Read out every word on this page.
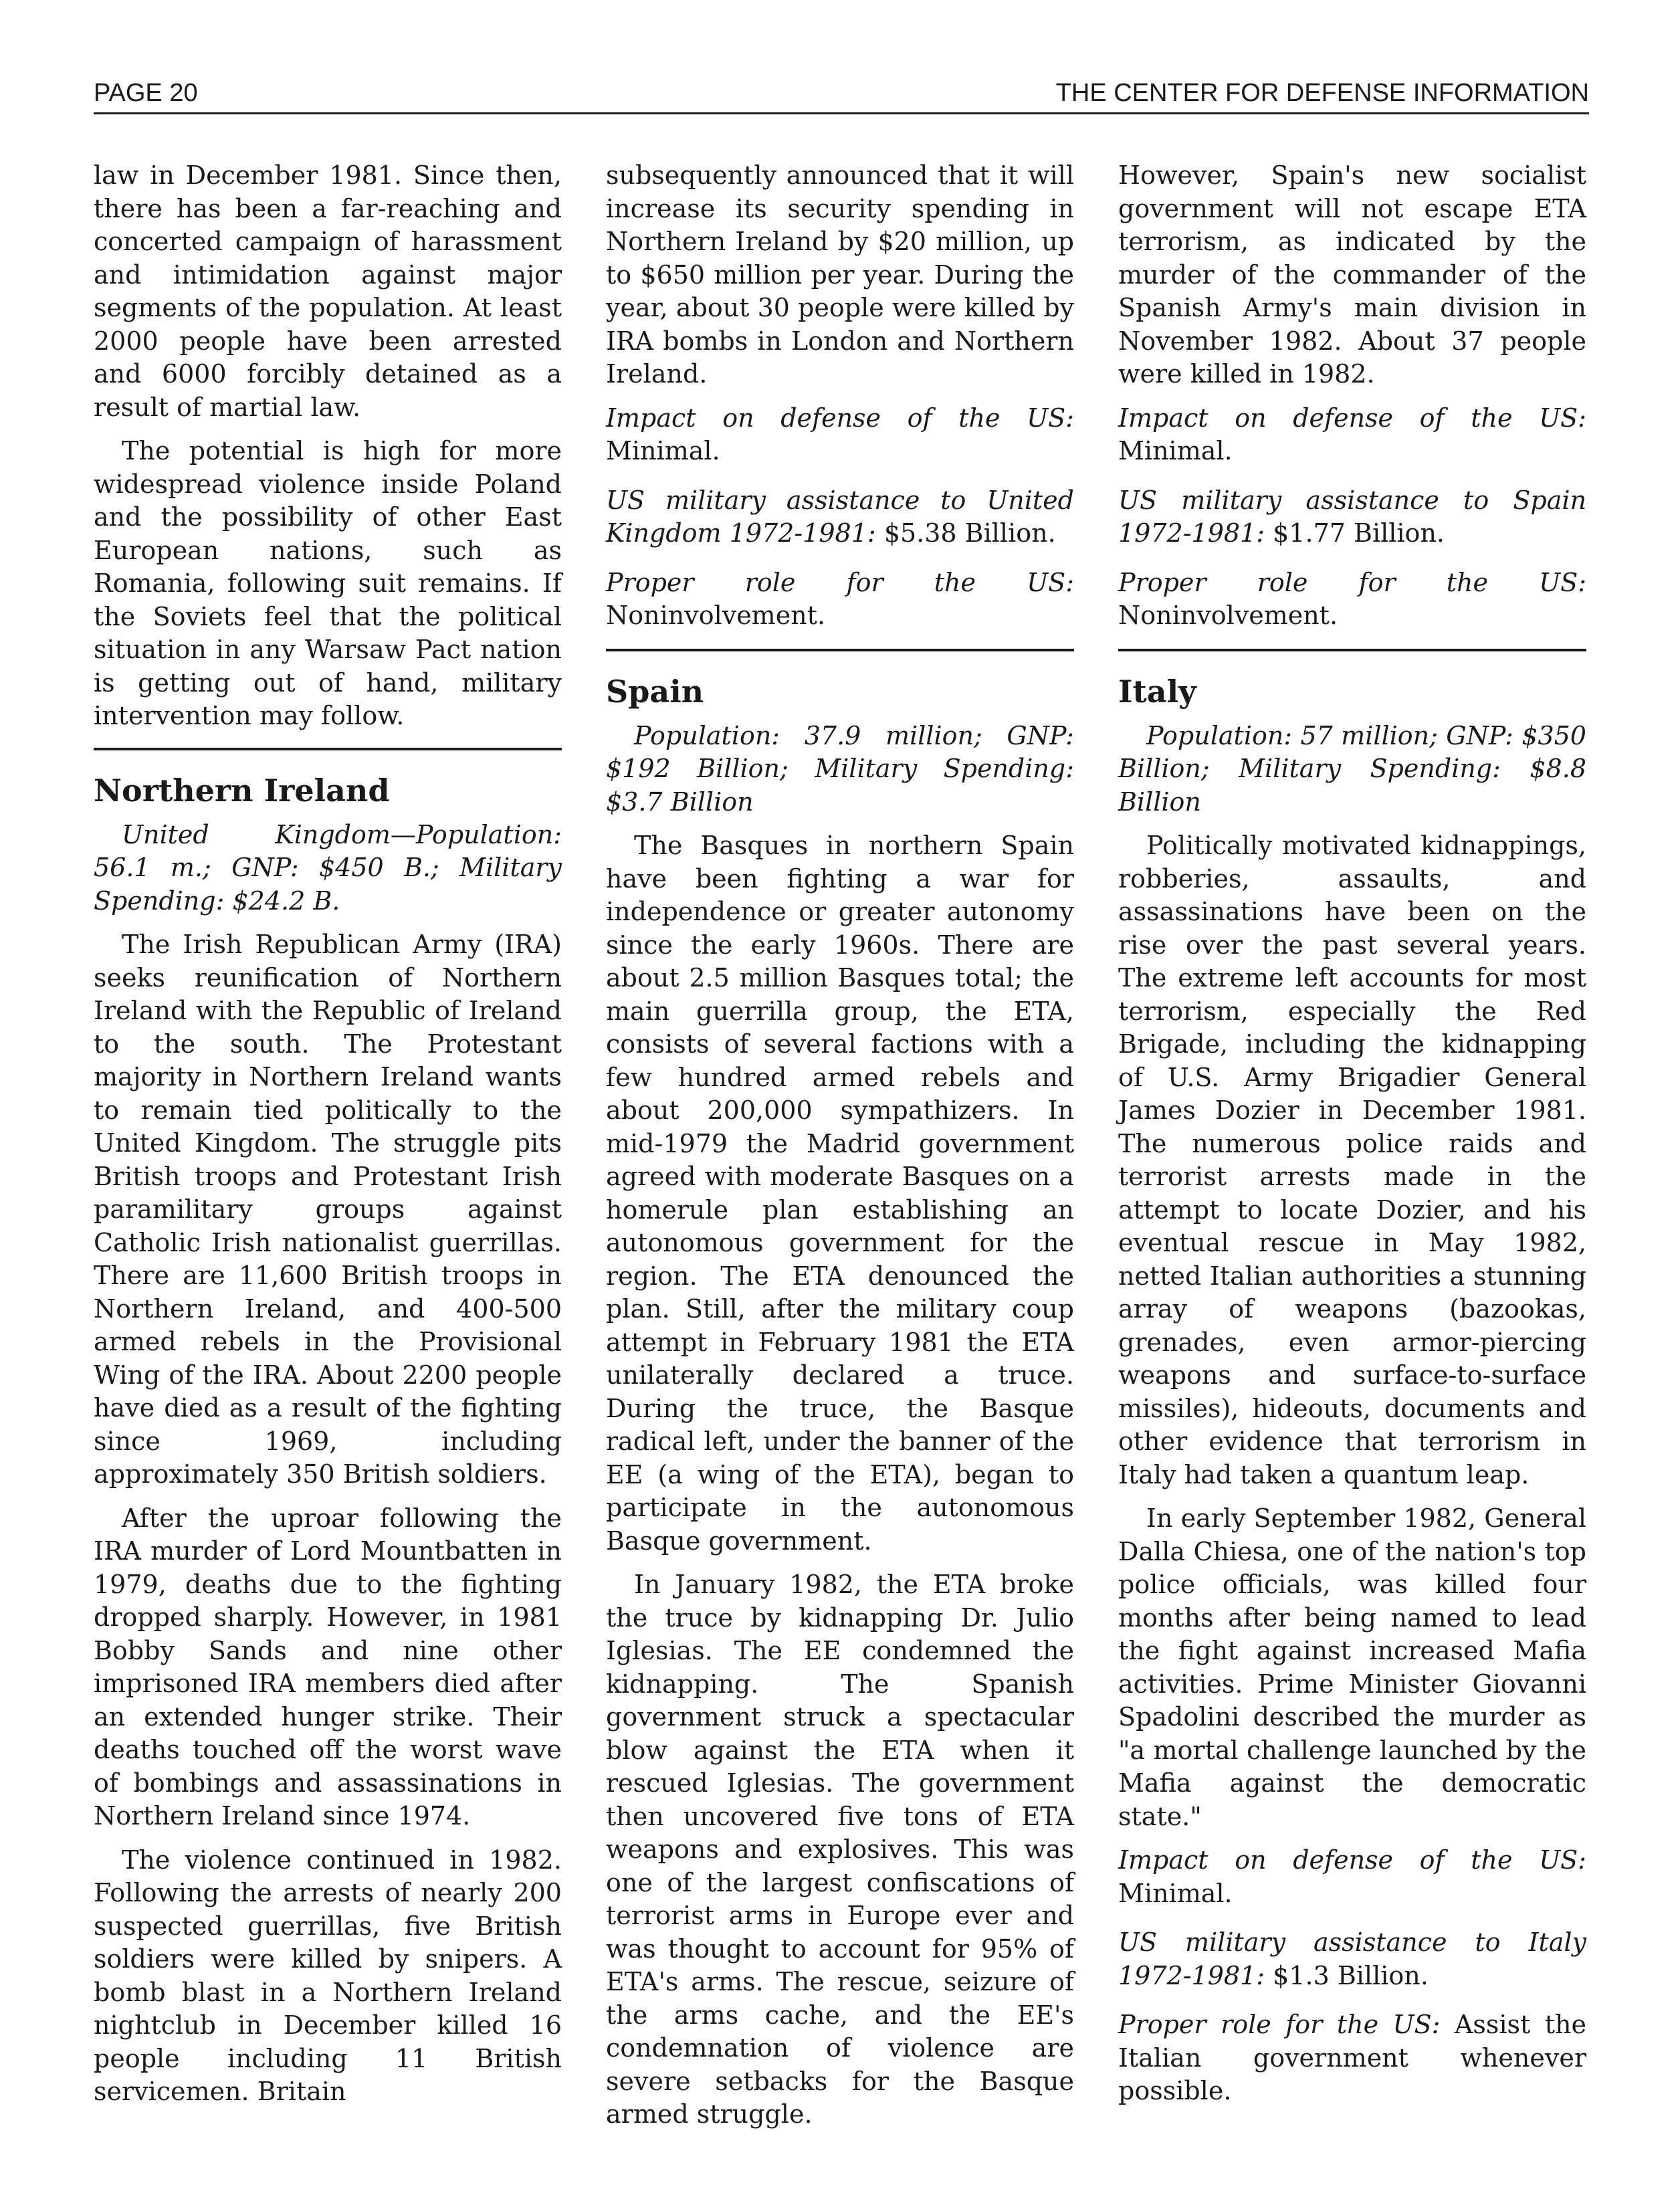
PAGE 20	THE CENTER FOR DEFENSE INFORMATION

law in December 1981. Since then, there has been a far-reaching and concerted campaign of harassment and intimidation against major segments of the population. At least 2000 people have been arrested and 6000 forcibly detained as a result of martial law.

The potential is high for more widespread violence inside Poland and the possibility of other East European nations, such as Romania, following suit remains. If the Soviets feel that the political situation in any Warsaw Pact nation is getting out of hand, military intervention may follow.

Northern Ireland

United Kingdom—Population: 56.1 m.; GNP: $450 B.; Military Spending: $24.2 B.

The Irish Republican Army (IRA) seeks reunification of Northern Ireland with the Republic of Ireland to the south. The Protestant majority in Northern Ireland wants to remain tied politically to the United Kingdom. The struggle pits British troops and Protestant Irish paramilitary groups against Catholic Irish nationalist guerrillas. There are 11,600 British troops in Northern Ireland, and 400-500 armed rebels in the Provisional Wing of the IRA. About 2200 people have died as a result of the fighting since 1969, including approximately 350 British soldiers.

After the uproar following the IRA murder of Lord Mountbatten in 1979, deaths due to the fighting dropped sharply. However, in 1981 Bobby Sands and nine other imprisoned IRA members died after an extended hunger strike. Their deaths touched off the worst wave of bombings and assassinations in Northern Ireland since 1974.

The violence continued in 1982. Following the arrests of nearly 200 suspected guerrillas, five British soldiers were killed by snipers. A bomb blast in a Northern Ireland nightclub in December killed 16 people including 11 British servicemen. Britain

subsequently announced that it will increase its security spending in Northern Ireland by $20 million, up to $650 million per year. During the year, about 30 people were killed by IRA bombs in London and Northern Ireland.

Impact on defense of the US: Minimal.

US military assistance to United Kingdom 1972-1981: $5.38 Billion.

Proper role for the US: Noninvolvement.

Spain

Population: 37.9 million; GNP: $192 Billion; Military Spending: $3.7 Billion

The Basques in northern Spain have been fighting a war for independence or greater autonomy since the early 1960s. There are about 2.5 million Basques total; the main guerrilla group, the ETA, consists of several factions with a few hundred armed rebels and about 200,000 sympathizers. In mid-1979 the Madrid government agreed with moderate Basques on a homerule plan establishing an autonomous government for the region. The ETA denounced the plan. Still, after the military coup attempt in February 1981 the ETA unilaterally declared a truce. During the truce, the Basque radical left, under the banner of the EE (a wing of the ETA), began to participate in the autonomous Basque government.

In January 1982, the ETA broke the truce by kidnapping Dr. Julio Iglesias. The EE condemned the kidnapping. The Spanish government struck a spectacular blow against the ETA when it rescued Iglesias. The government then uncovered five tons of ETA weapons and explosives. This was one of the largest confiscations of terrorist arms in Europe ever and was thought to account for 95% of ETA's arms. The rescue, seizure of the arms cache, and the EE's condemnation of violence are severe setbacks for the Basque armed struggle.

However, Spain's new socialist government will not escape ETA terrorism, as indicated by the murder of the commander of the Spanish Army's main division in November 1982. About 37 people were killed in 1982.

Impact on defense of the US: Minimal.

US military assistance to Spain 1972-1981: $1.77 Billion.

Proper role for the US: Noninvolvement.

Italy

Population: 57 million; GNP: $350 Billion; Military Spending: $8.8 Billion

Politically motivated kidnappings, robberies, assaults, and assassinations have been on the rise over the past several years. The extreme left accounts for most terrorism, especially the Red Brigade, including the kidnapping of U.S. Army Brigadier General James Dozier in December 1981. The numerous police raids and terrorist arrests made in the attempt to locate Dozier, and his eventual rescue in May 1982, netted Italian authorities a stunning array of weapons (bazookas, grenades, even armor-piercing weapons and surface-to-surface missiles), hideouts, documents and other evidence that terrorism in Italy had taken a quantum leap.

In early September 1982, General Dalla Chiesa, one of the nation's top police officials, was killed four months after being named to lead the fight against increased Mafia activities. Prime Minister Giovanni Spadolini described the murder as "a mortal challenge launched by the Mafia against the democratic state."

Impact on defense of the US: Minimal.

US military assistance to Italy 1972-1981: $1.3 Billion.

Proper role for the US: Assist the Italian government whenever possible.
